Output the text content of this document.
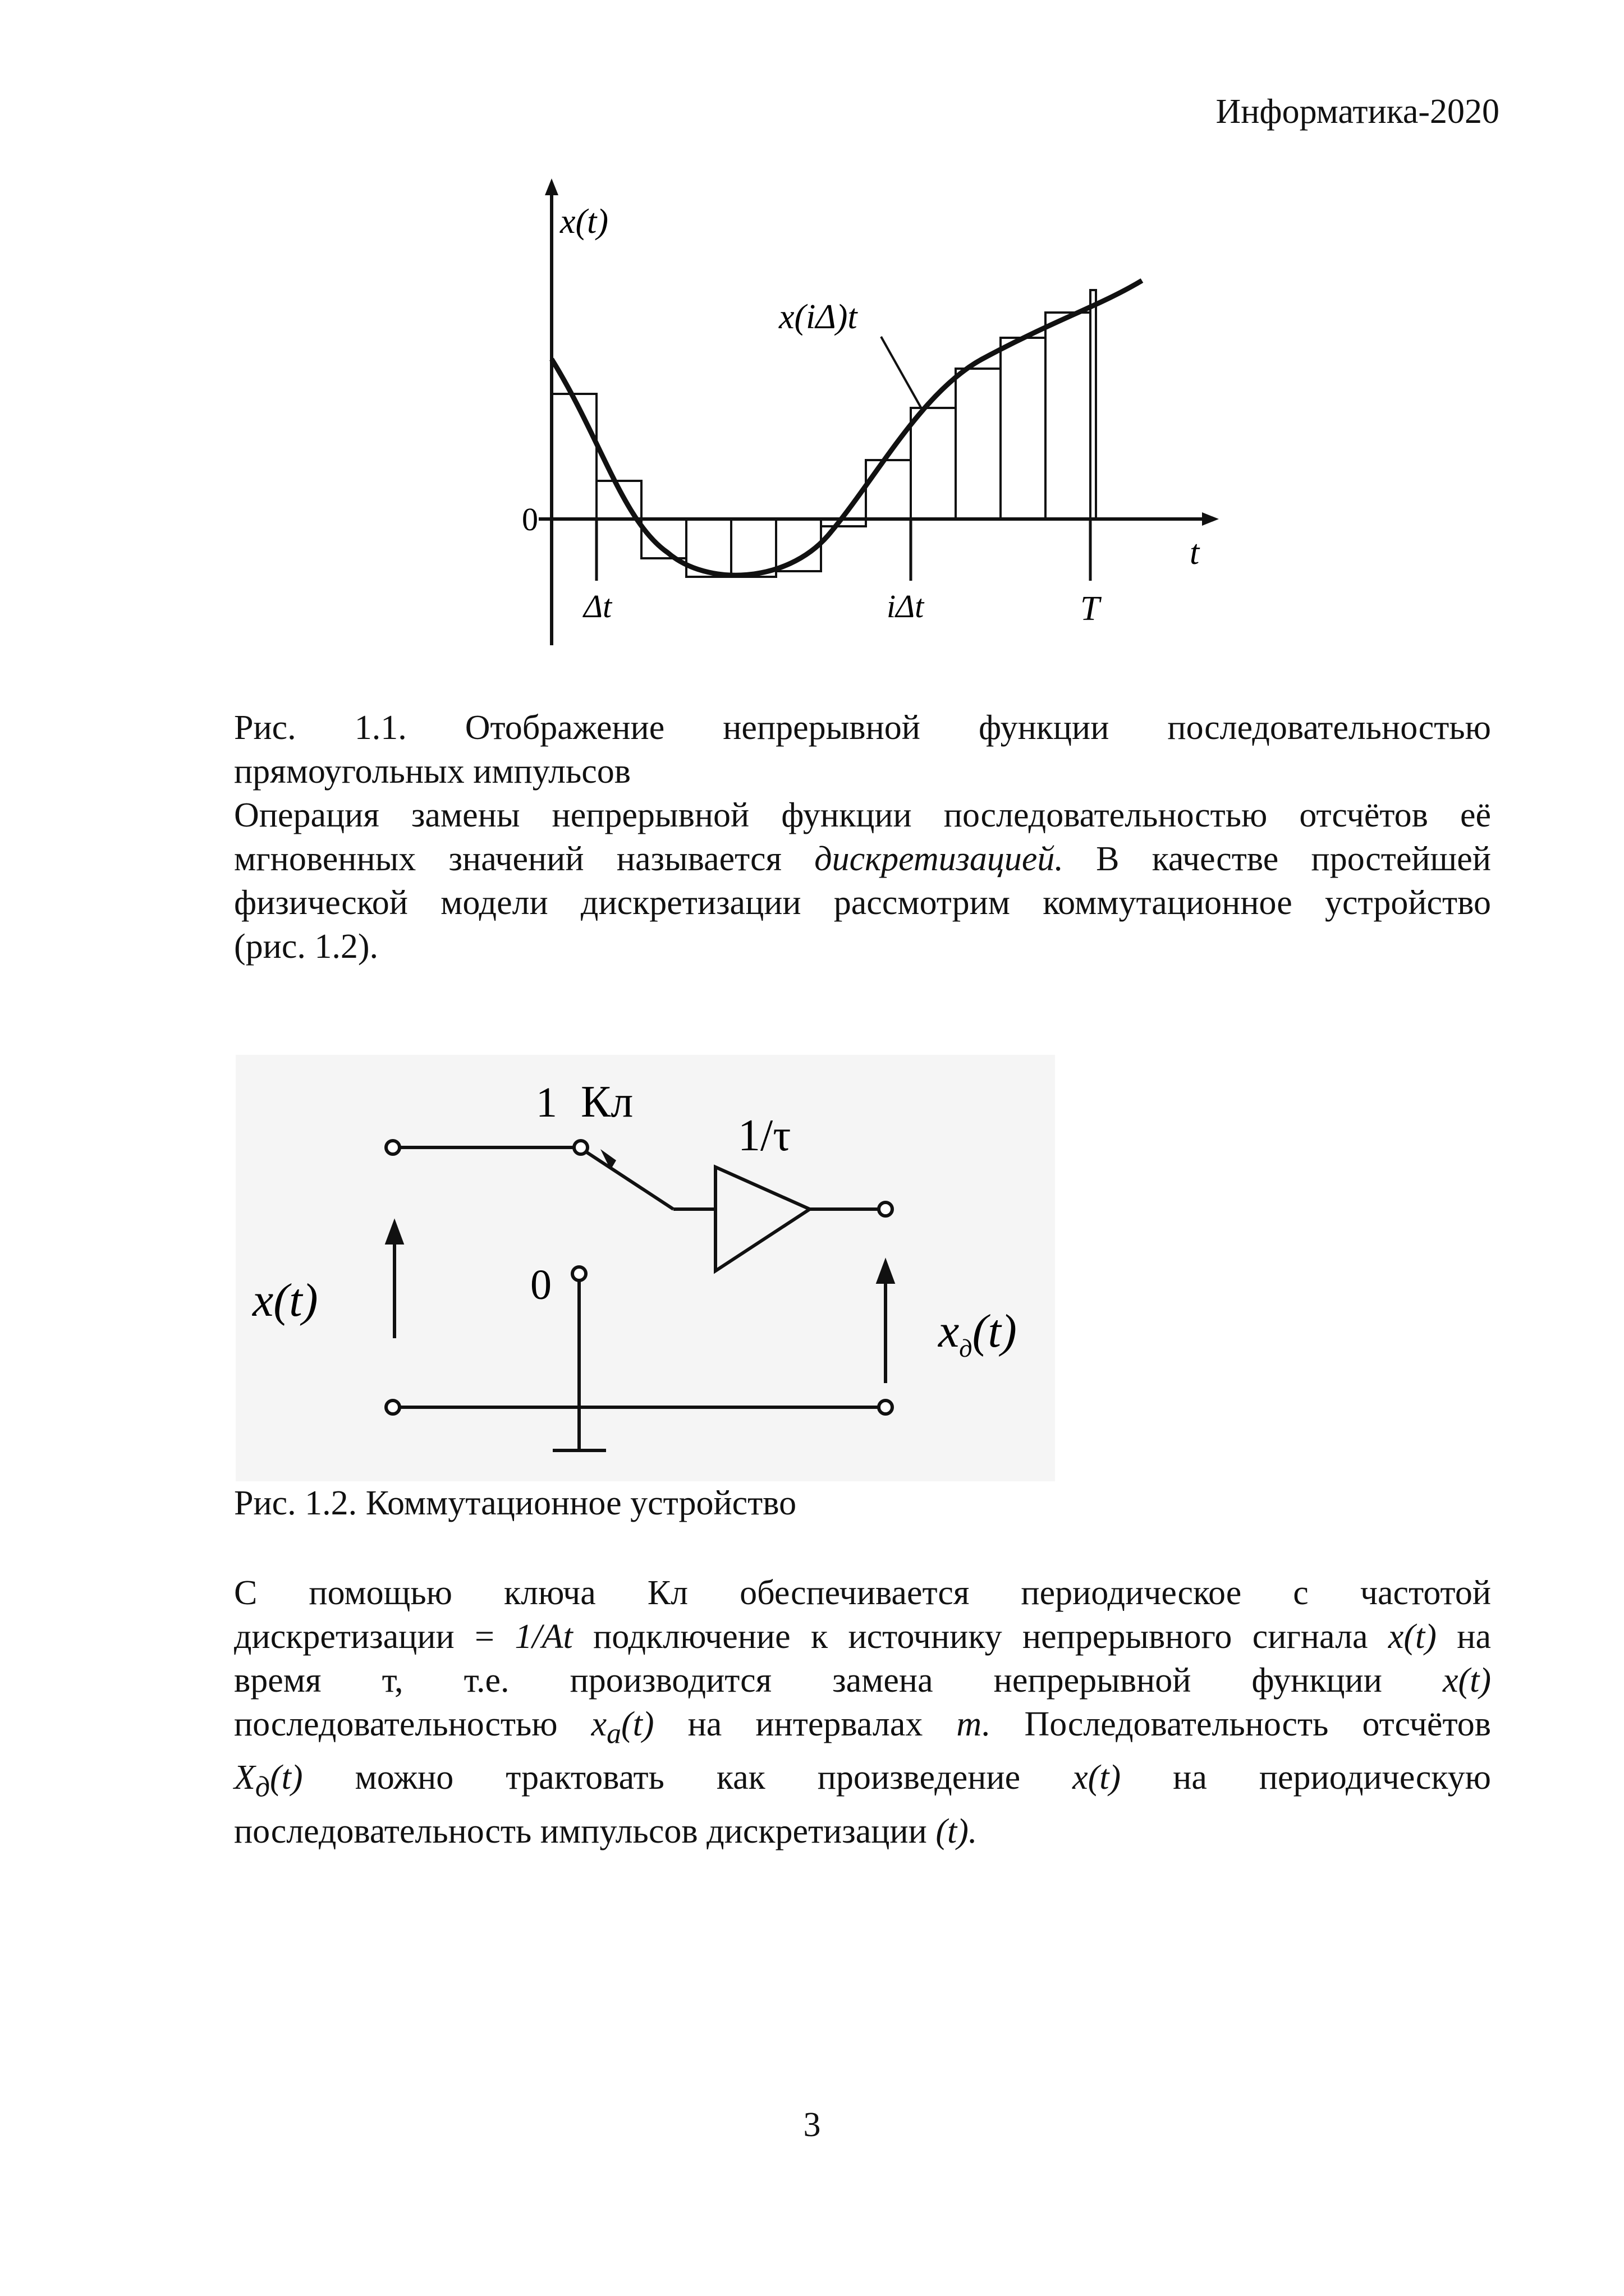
Информатика-2020
x(t)
0
t
x(iΔ)t
Δt	iΔt	T
Рис. 1.1. Отображение непрерывной функции последовательностью
прямоугольных импульсов
Операция замены непрерывной функции последовательностью отсчётов её
мгновенных значений называется дискретизацией. В качестве простейшей
физической модели дискретизации рассмотрим коммутационное устройство
(рис. 1.2).
1 Кл
1/τ
0
x(t)
$x_д(t)$
Рис. 1.2. Коммутационное устройство
С помощью ключа Кл обеспечивается периодическое с частотой
дискретизации = 1/Аt подключение к источнику непрерывного сигнала x(t) на
время т, т.е. производится замена непрерывной функции x(t)
последовательностью $x_a(t)$ на интервалах т. Последовательность отсчётов
$X_д(t)$ можно трактовать как произведение x(t) на периодическую
последовательность импульсов дискретизации (t).
3
